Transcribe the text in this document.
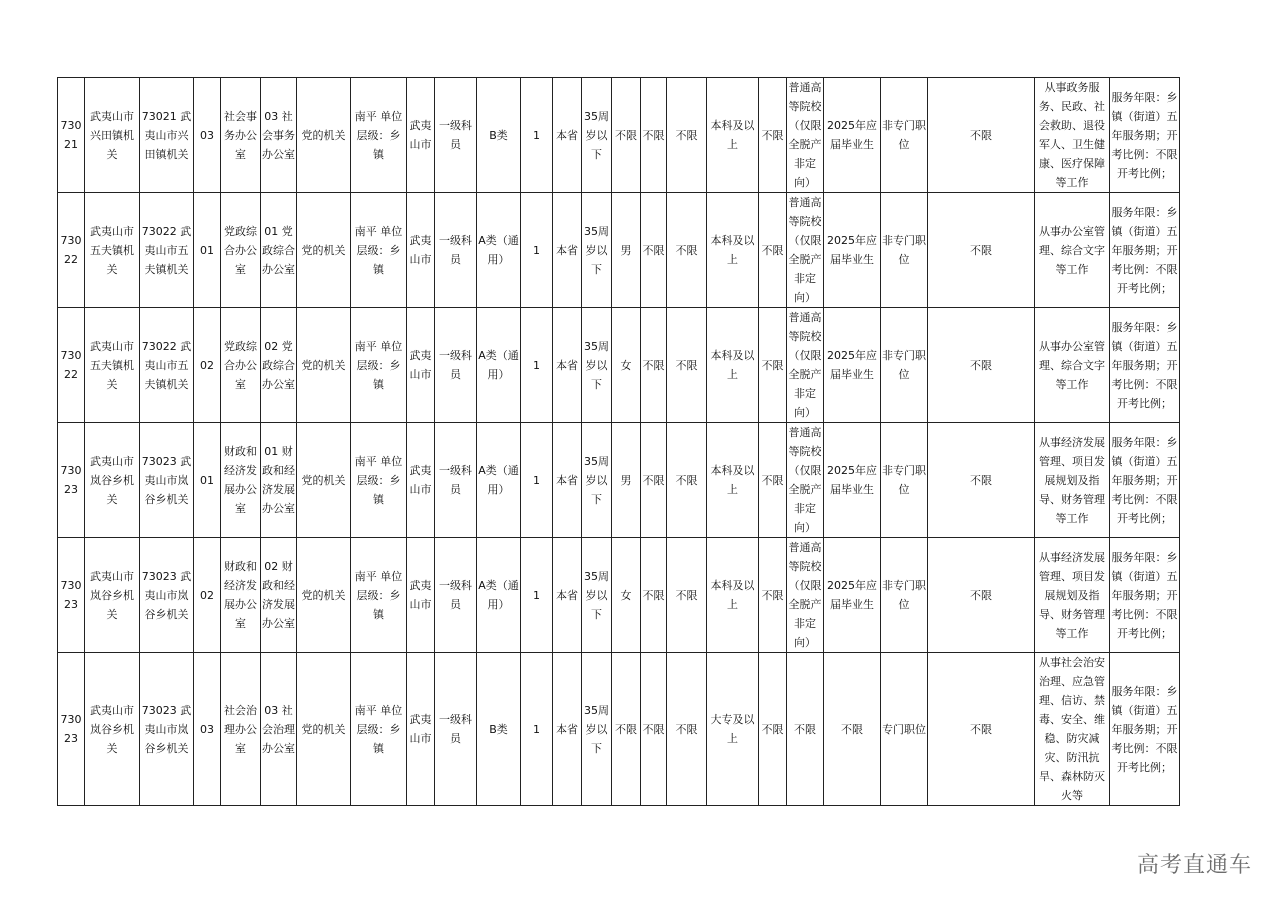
73021	武夷山市兴田镇机关	73021 武夷山市兴田镇机关	03	社会事务办公室	03 社会事务办公室	党的机关	南平 单位层级：乡镇	武夷山市	一级科员	B类	1	本省	35周岁以下	不限	不限	不限	本科及以上	不限	普通高等院校（仅限全脱产非定向）	2025年应届毕业生	非专门职位	不限	从事政务服务、民政、社会救助、退役军人、卫生健康、医疗保障等工作	服务年限：乡镇（街道）五年服务期；开考比例：不限开考比例；
73022	武夷山市五夫镇机关	73022 武夷山市五夫镇机关	01	党政综合办公室	01 党政综合办公室	党的机关	南平 单位层级：乡镇	武夷山市	一级科员	A类（通用）	1	本省	35周岁以下	男	不限	不限	本科及以上	不限	普通高等院校（仅限全脱产非定向）	2025年应届毕业生	非专门职位	不限	从事办公室管理、综合文字等工作	服务年限：乡镇（街道）五年服务期；开考比例：不限开考比例；
73022	武夷山市五夫镇机关	73022 武夷山市五夫镇机关	02	党政综合办公室	02 党政综合办公室	党的机关	南平 单位层级：乡镇	武夷山市	一级科员	A类（通用）	1	本省	35周岁以下	女	不限	不限	本科及以上	不限	普通高等院校（仅限全脱产非定向）	2025年应届毕业生	非专门职位	不限	从事办公室管理、综合文字等工作	服务年限：乡镇（街道）五年服务期；开考比例：不限开考比例；
73023	武夷山市岚谷乡机关	73023 武夷山市岚谷乡机关	01	财政和经济发展办公室	01 财政和经济发展办公室	党的机关	南平 单位层级：乡镇	武夷山市	一级科员	A类（通用）	1	本省	35周岁以下	男	不限	不限	本科及以上	不限	普通高等院校（仅限全脱产非定向）	2025年应届毕业生	非专门职位	不限	从事经济发展管理、项目发展规划及指导、财务管理等工作	服务年限：乡镇（街道）五年服务期；开考比例：不限开考比例；
73023	武夷山市岚谷乡机关	73023 武夷山市岚谷乡机关	02	财政和经济发展办公室	02 财政和经济发展办公室	党的机关	南平 单位层级：乡镇	武夷山市	一级科员	A类（通用）	1	本省	35周岁以下	女	不限	不限	本科及以上	不限	普通高等院校（仅限全脱产非定向）	2025年应届毕业生	非专门职位	不限	从事经济发展管理、项目发展规划及指导、财务管理等工作	服务年限：乡镇（街道）五年服务期；开考比例：不限开考比例；
73023	武夷山市岚谷乡机关	73023 武夷山市岚谷乡机关	03	社会治理办公室	03 社会治理办公室	党的机关	南平 单位层级：乡镇	武夷山市	一级科员	B类	1	本省	35周岁以下	不限	不限	不限	大专及以上	不限	不限	不限	专门职位	不限	从事社会治安治理、应急管理、信访、禁毒、安全、维稳、防灾减灾、防汛抗旱、森林防灭火等	服务年限：乡镇（街道）五年服务期；开考比例：不限开考比例；
高考直通车
